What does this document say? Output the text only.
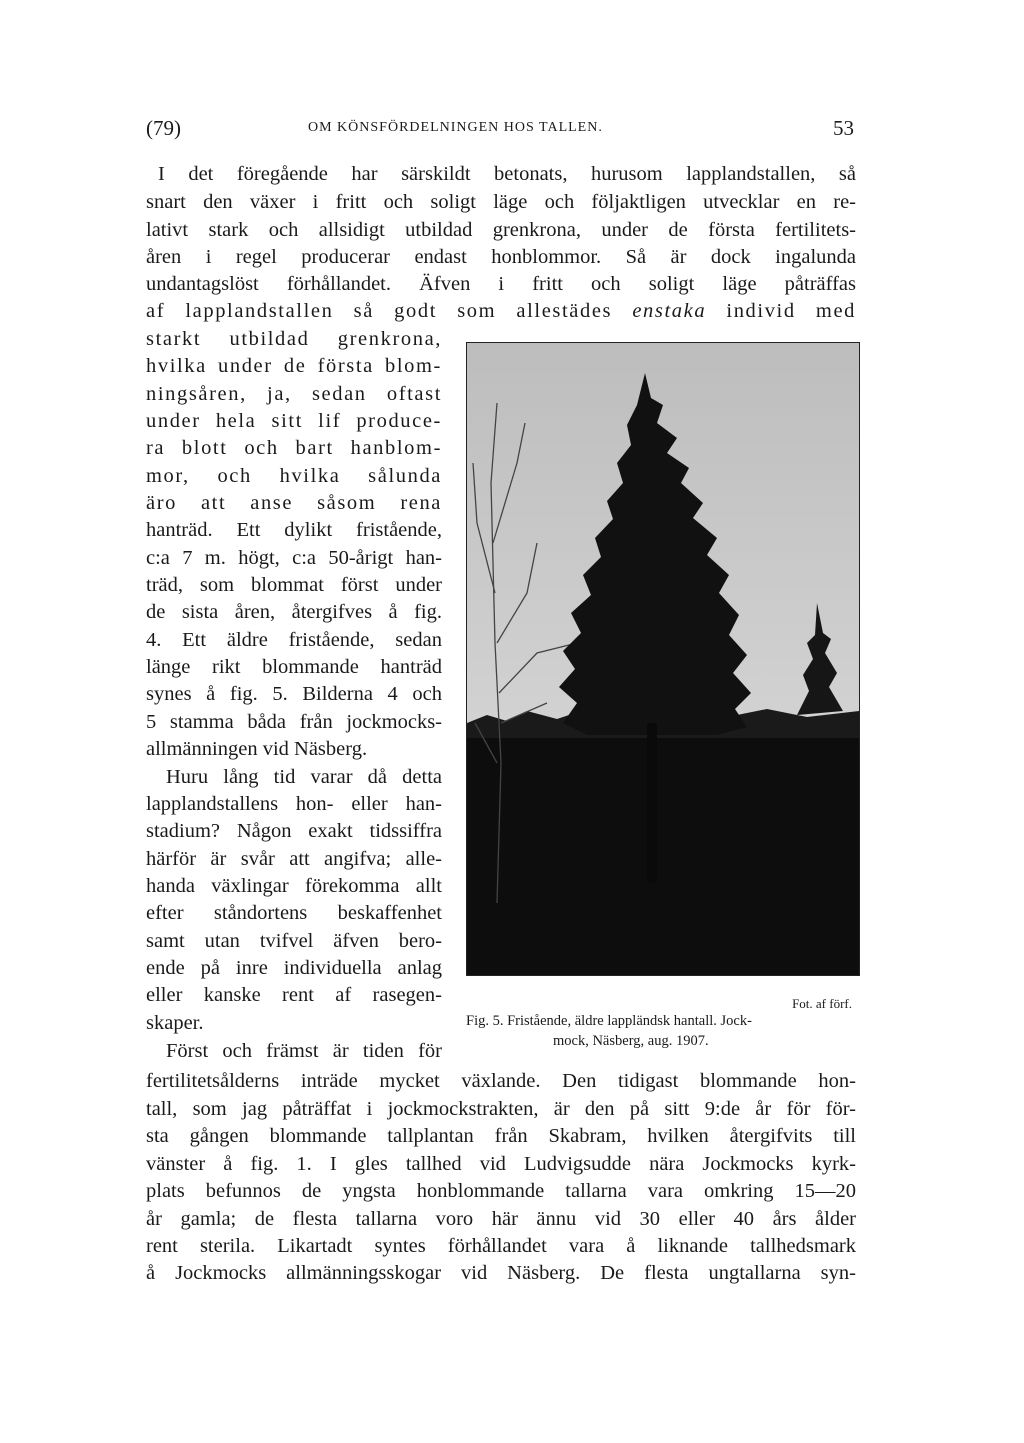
(79)	OM KÖNSFÖRDELNINGEN HOS TALLEN.	53
I det föregående har särskildt betonats, hurusom lapplandstallen, så
snart den växer i fritt och soligt läge och följaktligen utvecklar en re-
lativt stark och allsidigt utbildad grenkrona, under de första fertilitets-
åren i regel producerar endast honblommor. Så är dock ingalunda
undantagslöst förhållandet. Äfven i fritt och soligt läge påträffas
af lapplandstallen så godt som allestädes enstaka individ med
starkt utbildad grenkrona,
hvilka under de första blom-
ningsåren, ja, sedan oftast
under hela sitt lif produce-
ra blott och bart hanblom-
mor, och hvilka sålunda
äro att anse såsom rena
hanträd. Ett dylikt fristående,
c:a 7 m. högt, c:a 50-årigt han-
träd, som blommat först under
de sista åren, återgifves å fig.
4. Ett äldre fristående, sedan
länge rikt blommande hanträd
synes å fig. 5. Bilderna 4 och
5 stamma båda från jockmocks-
allmänningen vid Näsberg.
Huru lång tid varar då detta
lapplandstallens hon- eller han-
stadium? Någon exakt tidssiffra
härför är svår att angifva; alle-
handa växlingar förekomma allt
efter ståndortens beskaffenhet
samt utan tvifvel äfven bero-
ende på inre individuella anlag
eller kanske rent af rasegen-
skaper.
Först och främst är tiden för
fertilitetsålderns inträde mycket växlande. Den tidigast blommande hon-
tall, som jag påträffat i jockmockstrakten, är den på sitt 9:de år för för-
sta gången blommande tallplantan från Skabram, hvilken återgifvits till
vänster å fig. 1. I gles tallhed vid Ludvigsudde nära Jockmocks kyrk-
plats befunnos de yngsta honblommande tallarna vara omkring 15—20
år gamla; de flesta tallarna voro här ännu vid 30 eller 40 års ålder
rent sterila. Likartadt syntes förhållandet vara å liknande tallhedsmark
å Jockmocks allmänningsskogar vid Näsberg. De flesta ungtallarna syn-
Fot. af förf.
Fig. 5. Fristående, äldre lappländsk hantall. Jock-
mock, Näsberg, aug. 1907.
